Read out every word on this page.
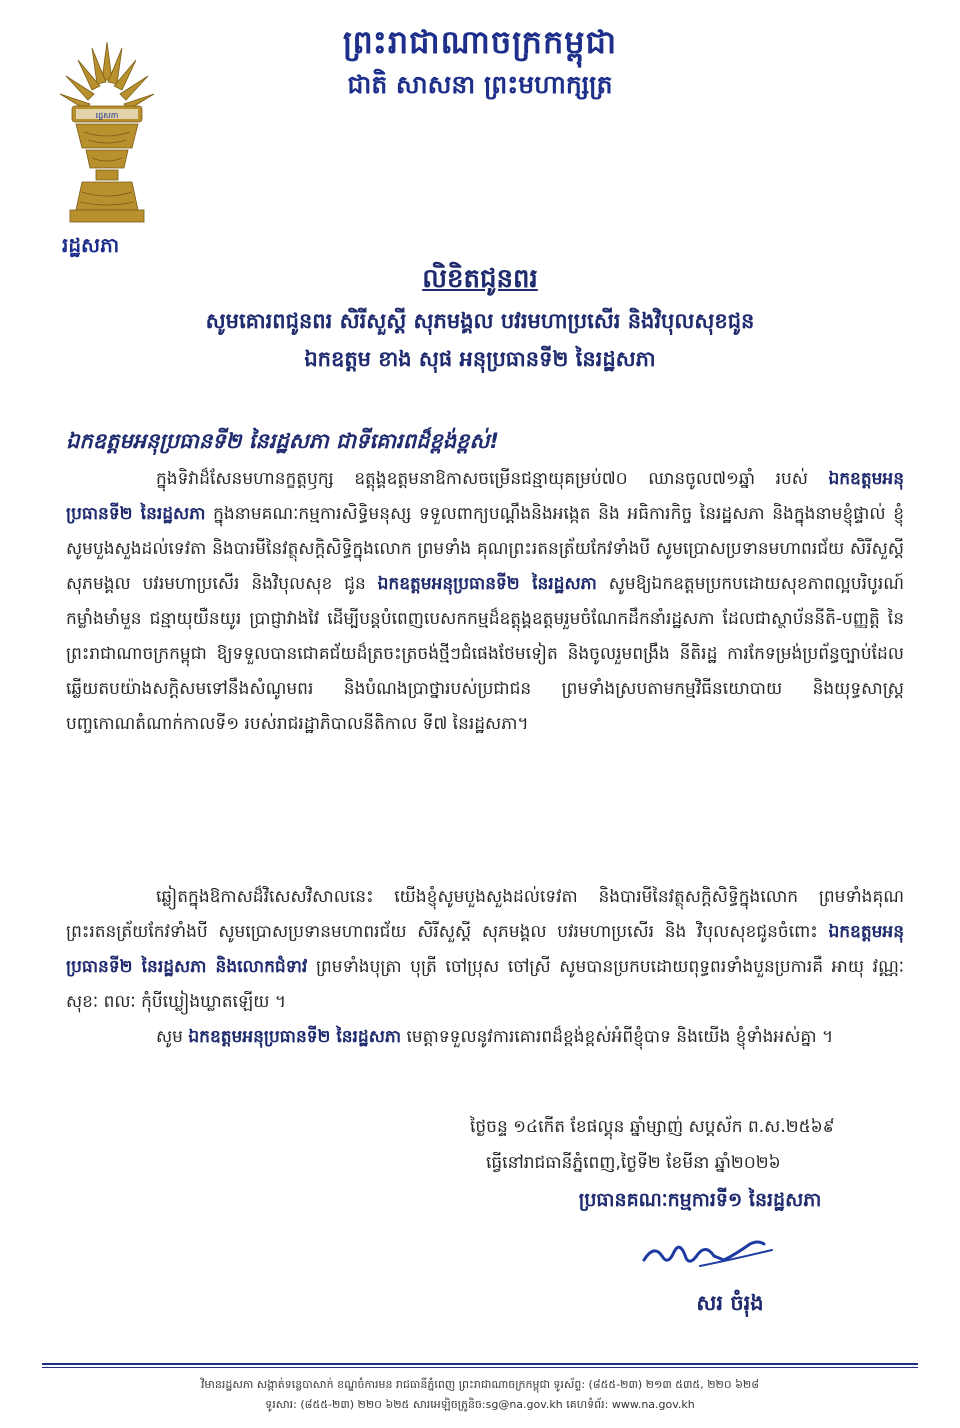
ព្រះរាជាណាចក្រកម្ពុជា
ជាតិ សាសនា ព្រះមហាក្សត្រ
រដ្ឋសភា
រដ្ឋសភា
លិខិតជូនពរ
សូមគោរពជូនពរ សិរីសួស្តី សុភមង្គល បវរមហាប្រសើរ និងវិបុលសុខជូន
ឯកឧត្តម ខាង សុផ អនុប្រធានទី២ នៃរដ្ឋសភា
ឯកឧត្តមអនុប្រធានទី២ នៃរដ្ឋសភា ជាទីគោរពដ៏ខ្ពង់ខ្ពស់!
ក្នុងទិវាដ៏សែនមហានក្ខត្តឫក្ស ឧត្តុង្គឧត្តមនាឱកាសចម្រើនជន្មាយុគម្រប់៧០ ឈានចូល៧១ឆ្នាំ របស់ ឯកឧត្តមអនុប្រធានទី២ នៃរដ្ឋសភា ក្នុងនាមគណៈកម្មការសិទ្ធិមនុស្ស ទទួលពាក្យបណ្តឹងនិងអង្កេត និង អធិការកិច្ច នៃរដ្ឋសភា និងក្នុងនាមខ្ញុំផ្ទាល់ ខ្ញុំសូមបួងសួងដល់ទេវតា និងបារមីនៃវត្ថុសក្តិសិទ្ធិក្នុងលោក ព្រមទាំង គុណព្រះរតនត្រ័យកែវទាំងបី សូមប្រោសប្រទានមហាពរជ័យ សិរីសួស្តី សុភមង្គល បវរមហាប្រសើរ និងវិបុលសុខ ជូន ឯកឧត្តមអនុប្រធានទី២ នៃរដ្ឋសភា សូមឱ្យឯកឧត្តមប្រកបដោយសុខភាពល្អបរិបូរណ៍ កម្លាំងមាំមួន ជន្មាយុយឺនយូរ ប្រាជ្ញាវាងវៃ ដើម្បីបន្តបំពេញបេសកកម្មដ៏ឧត្តុង្គឧត្តមរួមចំណែកដឹកនាំរដ្ឋសភា ដែលជាស្ថាប័ននីតិ-បញ្ញត្តិ នៃព្រះរាជាណាចក្រកម្ពុជា ឱ្យទទួលបានជោគជ័យដ៏ត្រចះត្រចង់ថ្មីៗជំផេងថែមទៀត និងចូលរួមពង្រឹង នីតិរដ្ឋ ការកែទម្រង់ប្រព័ន្ធច្បាប់ដែលឆ្លើយតបយ៉ាងសក្តិសមទៅនឹងសំណូមពរ និងបំណងប្រាថ្នារបស់ប្រជាជន ព្រមទាំងស្របតាមកម្មវិធីនយោបាយ និងយុទ្ធសាស្ត្របញ្ចកោណតំណាក់កាលទី១ របស់រាជរដ្ឋាភិបាលនីតិកាល ទី៧ នៃរដ្ឋសភា។
ឆ្លៀតក្នុងឱកាសដ៏វិសេសវិសាលនេះ យើងខ្ញុំសូមបួងសួងដល់ទេវតា និងបារមីនៃវត្ថុសក្តិសិទ្ធិក្នុងលោក ព្រមទាំងគុណព្រះរតនត្រ័យកែវទាំងបី សូមប្រោសប្រទានមហាពរជ័យ សិរីសួស្តី សុភមង្គល បវរមហាប្រសើរ និង វិបុលសុខជូនចំពោះ ឯកឧត្តមអនុប្រធានទី២ នៃរដ្ឋសភា និងលោកជំទាវ ព្រមទាំងបុត្រា បុត្រី ចៅប្រុស ចៅស្រី សូមបានប្រកបដោយពុទ្ធពរទាំងបួនប្រការគឺ អាយុ វណ្ណៈ សុខៈ ពលៈ កុំបីឃ្លៀងឃ្លាតឡើយ ។
សូម ឯកឧត្តមអនុប្រធានទី២ នៃរដ្ឋសភា មេត្តាទទួលនូវការគោរពដ៏ខ្ពង់ខ្ពស់អំពីខ្ញុំបាទ និងយើង ខ្ញុំទាំងអស់គ្នា ។
ថ្ងៃចន្ទ ១៤កើត ខែផល្គុន ឆ្នាំម្សាញ់ សប្តស័ក ព.ស.២៥៦៩
ធ្វើនៅរាជធានីភ្នំពេញ,ថ្ងៃទី២ ខែមីនា ឆ្នាំ២០២៦
ប្រធានគណៈកម្មការទី១ នៃរដ្ឋសភា
សរ ចំរុង
វិមានរដ្ឋសភា សង្កាត់ទន្លេបាសាក់ ខណ្ឌចំការមន រាជធានីភ្នំពេញ ព្រះរាជាណាចក្រកម្ពុជា ទូរស័ព្ទ: (៨៥៥-២៣) ២១៣ ៥៣៥, ២២០ ៦២៨
ទូរសារ: (៨៥៥-២៣) ២២០ ៦២៥ សារអេឡិចត្រូនិច:sg@na.gov.kh គេហទំព័រ: www.na.gov.kh
